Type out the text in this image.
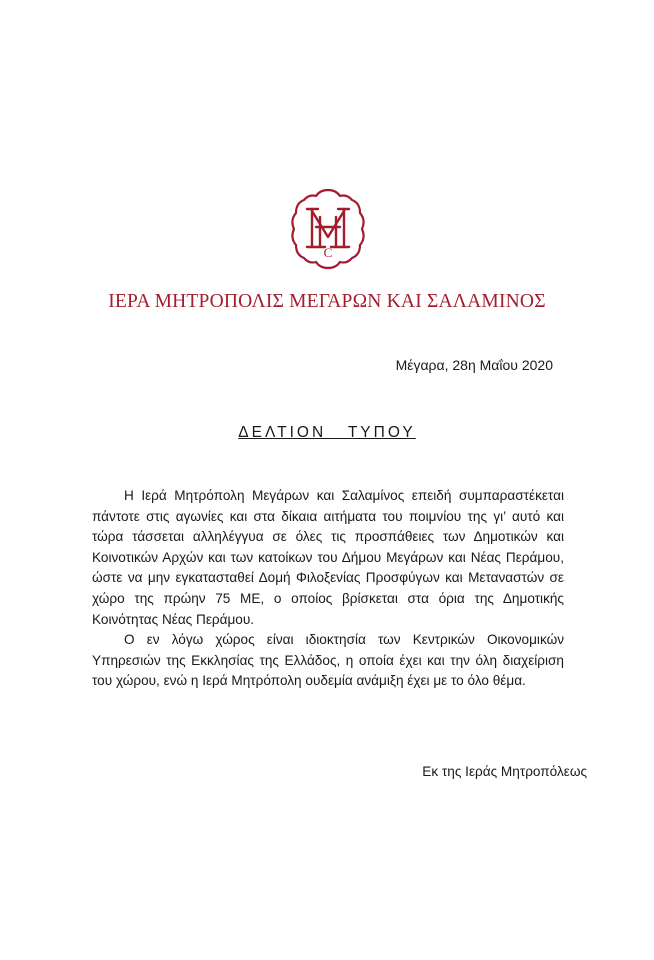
C
ΙΕΡΑ ΜΗΤΡΟΠΟΛΙΣ ΜΕΓΑΡΩΝ ΚΑΙ ΣΑΛΑΜΙΝΟΣ
Μέγαρα, 28η Μαΐου 2020
ΔΕΛΤΙΟΝ   ΤΥΠΟΥ

Η Ιερά Μητρόπολη Μεγάρων και Σαλαμίνος επειδή συμπαραστέκεται πάντοτε στις αγωνίες και στα δίκαια αιτήματα του ποιμνίου της γι’ αυτό και τώρα τάσσεται αλληλέγγυα σε όλες τις προσπάθειες των Δημοτικών και Κοινοτικών Αρχών και των κατοίκων του Δήμου Μεγάρων και Νέας Περάμου, ώστε να μην εγκατασταθεί Δομή Φιλοξενίας Προσφύγων και Μεταναστών σε χώρο της πρώην 75 ΜΕ, ο οποίος βρίσκεται στα όρια της Δημοτικής Κοινότητας Νέας Περάμου.

Ο εν λόγω χώρος είναι ιδιοκτησία των Κεντρικών Οικονομικών Υπηρεσιών της Εκκλησίας της Ελλάδος, η οποία έχει και την όλη διαχείριση του χώρου, ενώ η Ιερά Μητρόπολη ουδεμία ανάμιξη έχει με το όλο θέμα.

Εκ της Ιεράς Μητροπόλεως
